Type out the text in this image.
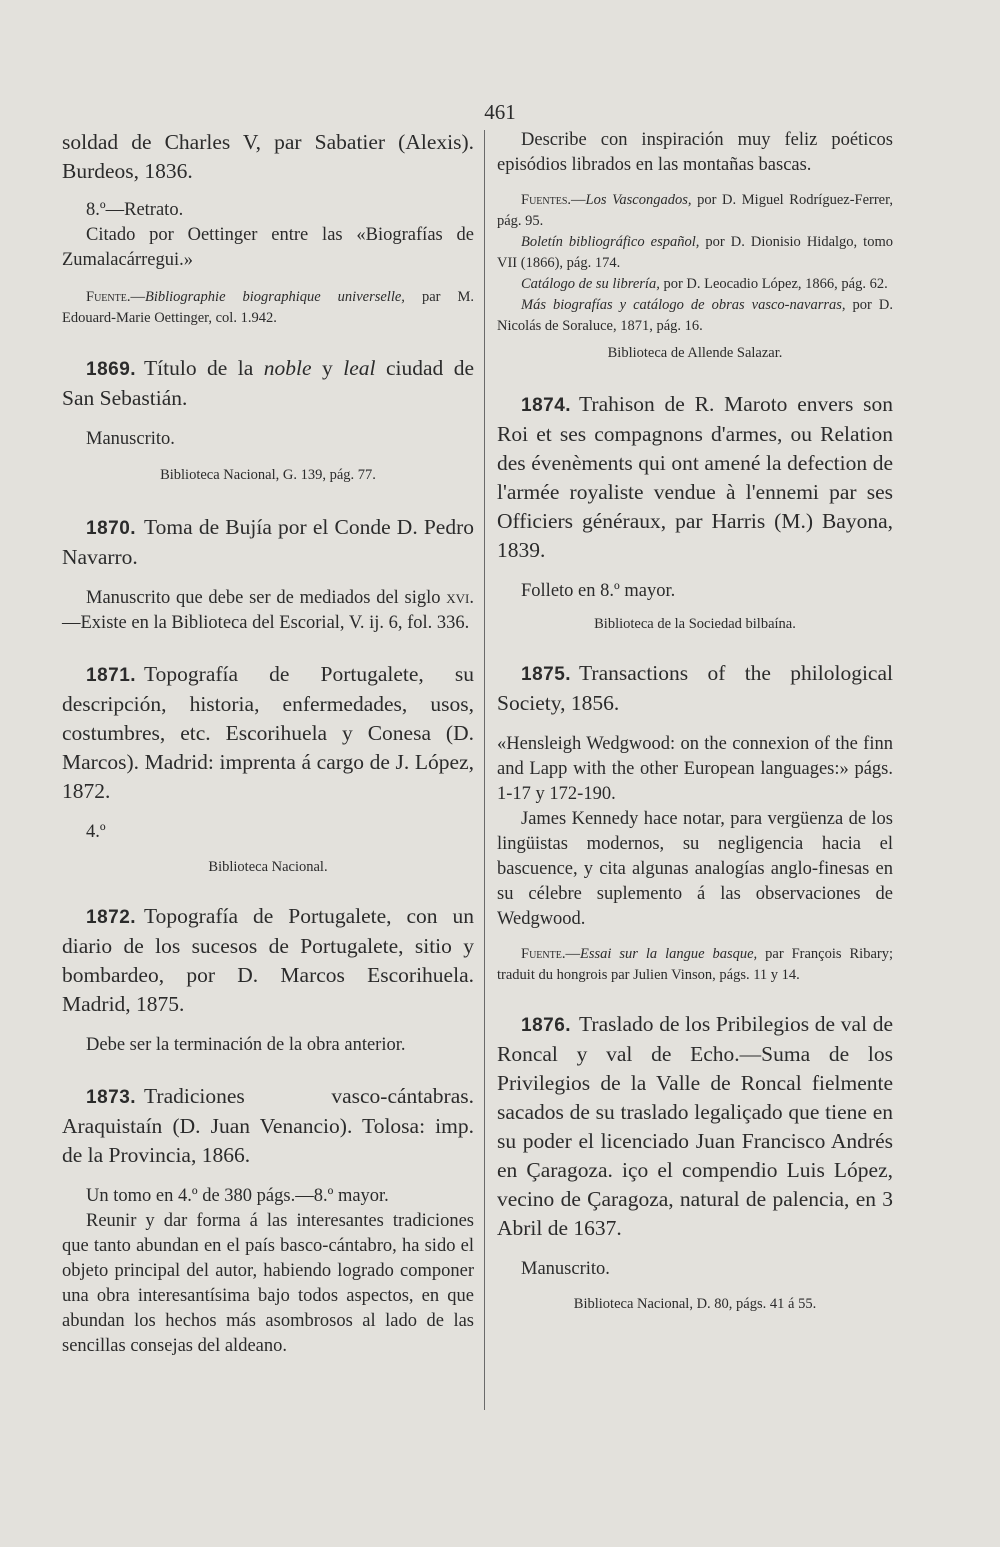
461

soldad de Charles V, par Sabatier (Alexis). Burdeos, 1836.

8.º—Retrato.

Citado por Oettinger entre las «Biografías de Zumalacárregui.»

Fuente.—Bibliographie biographique universelle, par M. Edouard-Marie Oettinger, col. 1.942.

1869. Título de la noble y leal ciudad de San Sebastián.

Manuscrito.

Biblioteca Nacional, G. 139, pág. 77.

1870. Toma de Bujía por el Conde D. Pedro Navarro.

Manuscrito que debe ser de mediados del siglo xvi.—Existe en la Biblioteca del Escorial, V. ij. 6, fol. 336.

1871. Topografía de Portugalete, su descripción, historia, enfermedades, usos, costumbres, etc. Escorihuela y Conesa (D. Marcos). Madrid: imprenta á cargo de J. López, 1872.

4.º

Biblioteca Nacional.

1872. Topografía de Portugalete, con un diario de los sucesos de Portugalete, sitio y bombardeo, por D. Marcos Escorihuela. Madrid, 1875.

Debe ser la terminación de la obra anterior.

1873. Tradiciones vasco-cántabras. Araquistaín (D. Juan Venancio). Tolosa: imp. de la Provincia, 1866.

Un tomo en 4.º de 380 págs.—8.º mayor.

Reunir y dar forma á las interesantes tradiciones que tanto abundan en el país basco-cántabro, ha sido el objeto principal del autor, habiendo logrado componer una obra interesantísima bajo todos aspectos, en que abundan los hechos más asombrosos al lado de las sencillas consejas del aldeano.

Describe con inspiración muy feliz poéticos episódios librados en las montañas bascas.

Fuentes.—Los Vascongados, por D. Miguel Rodríguez-Ferrer, pág. 95.

Boletín bibliográfico español, por D. Dionisio Hidalgo, tomo VII (1866), pág. 174.

Catálogo de su librería, por D. Leocadio López, 1866, pág. 62.

Más biografías y catálogo de obras vasco-navarras, por D. Nicolás de Soraluce, 1871, pág. 16.

Biblioteca de Allende Salazar.

1874. Trahison de R. Maroto envers son Roi et ses compagnons d'armes, ou Relation des évenèments qui ont amené la defection de l'armée royaliste vendue à l'ennemi par ses Officiers généraux, par Harris (M.) Bayona, 1839.

Folleto en 8.º mayor.

Biblioteca de la Sociedad bilbaína.

1875. Transactions of the philological Society, 1856.

«Hensleigh Wedgwood: on the connexion of the finn and Lapp with the other European languages:» págs. 1-17 y 172-190.

James Kennedy hace notar, para vergüenza de los lingüistas modernos, su negligencia hacia el bascuence, y cita algunas analogías anglo-finesas en su célebre suplemento á las observaciones de Wedgwood.

Fuente.—Essai sur la langue basque, par François Ribary; traduit du hongrois par Julien Vinson, págs. 11 y 14.

1876. Traslado de los Pribilegios de val de Roncal y val de Echo.—Suma de los Privilegios de la Valle de Roncal fielmente sacados de su traslado legaliçado que tiene en su poder el licenciado Juan Francisco Andrés en Çaragoza. iço el compendio Luis López, vecino de Çaragoza, natural de palencia, en 3 Abril de 1637.

Manuscrito.

Biblioteca Nacional, D. 80, págs. 41 á 55.
